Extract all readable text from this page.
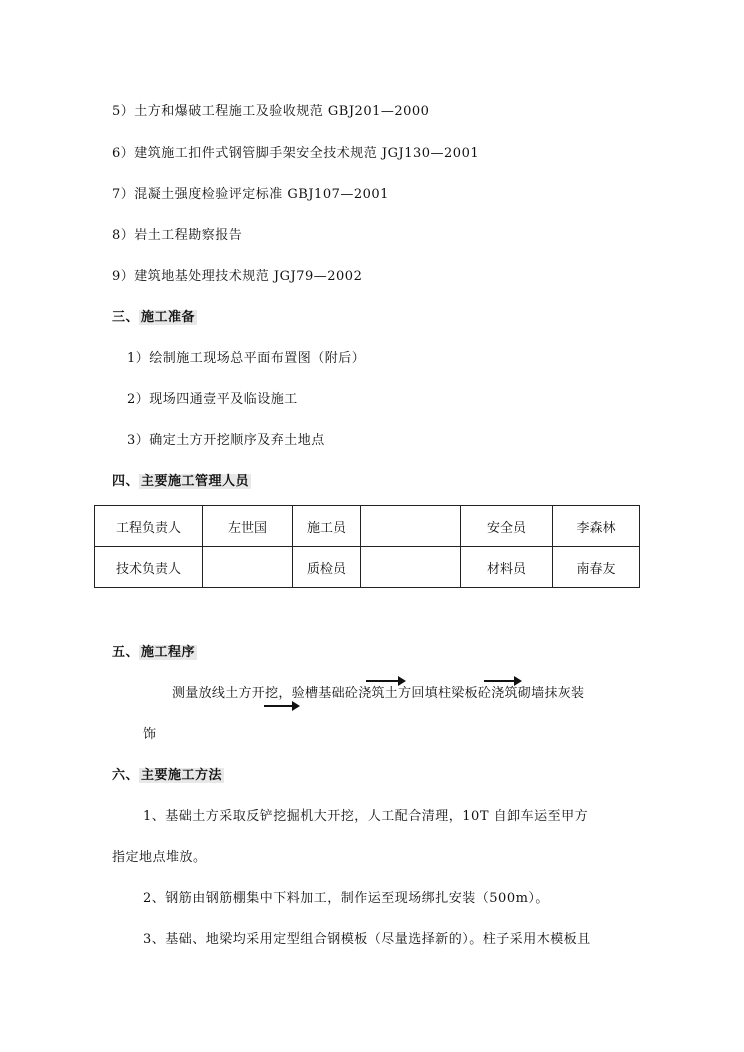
5）土方和爆破工程施工及验收规范 GBJ201—2000
6）建筑施工扣件式钢管脚手架安全技术规范 JGJ130—2001
7）混凝土强度检验评定标准 GBJ107—2001
8）岩土工程勘察报告
9）建筑地基处理技术规范 JGJ79—2002
三、 施工准备
1）绘制施工现场总平面布置图（附后）
2）现场四通壹平及临设施工
3）确定土方开挖顺序及弃土地点
四、 主要施工管理人员
工程负责人	左世国	施工员		安全员	李森林
技术负责人		质检员		材料员	南春友
五、 施工程序
测量放线土方开挖，验槽基础砼浇筑土方回填柱梁板砼浇筑砌墙抹灰装
饰
六、 主要施工方法
1、基础土方采取反铲挖掘机大开挖，人工配合清理，10T 自卸车运至甲方
指定地点堆放。
2、钢筋由钢筋棚集中下料加工，制作运至现场绑扎安装（500m）。
3、基础、地梁均采用定型组合钢模板（尽量选择新的）。柱子采用木模板且
